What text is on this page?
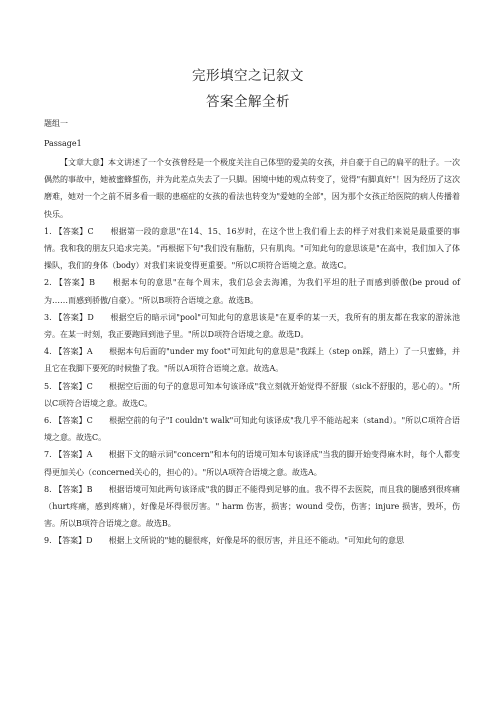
完形填空之记叙文
答案全解全析
题组一
Passage1

【文章大意】本文讲述了一个女孩曾经是一个极度关注自己体型的爱美的女孩，并自豪于自己的扁平的肚子。一次偶然的事故中，她被蜜蜂蜇伤，并为此差点失去了一只脚。困境中她的观点转变了，觉得"有脚真好"！因为经历了这次磨难，她对一个之前不屑多看一眼的患癌症的女孩的看法也转变为"爱她的全部"，因为那个女孩正给医院的病人传播着快乐。

1. 【答案】C　　根据第一段的意思"在14、15、16岁时，在这个世上我们看上去的样子对我们来说是最重要的事情。我和我的朋友只追求完美。"再根据下句"我们没有脂肪，只有肌肉。"可知此句的意思该是"在高中，我们加入了体操队，我们的身体（body）对我们来说变得更重要。"所以C项符合语境之意。故选C。

2. 【答案】B　　根据本句的意思"在每个周末，我们总会去海滩，为我们平坦的肚子而感到骄傲(be proud of 为……而感到骄傲/自豪）。"所以B项符合语境之意。故选B。

3. 【答案】D　　根据空后的暗示词"pool"可知此句的意思该是"在夏季的某一天，我所有的朋友都在我家的游泳池旁。在某一时刻，我正要跑回到池子里。"所以D项符合语境之意。故选D。

4. 【答案】A　　根据本句后面的"under my foot"可知此句的意思是"我踩上（step on踩，踏上）了一只蜜蜂，并且它在我脚下要死的时候蛰了我。"所以A项符合语境之意。故选A。

5. 【答案】C　　根据空后面的句子的意思可知本句该译成"我立刻就开始觉得不舒服（sick不舒服的，恶心的）。"所以C项符合语境之意。故选C。

6. 【答案】C　　根据空前的句子"I couldn't walk"可知此句该译成"我几乎不能站起来（stand）。"所以C项符合语境之意。故选C。

7. 【答案】A　　根据下文的暗示词"concern"和本句的语境可知本句该译成"当我的脚开始变得麻木时，每个人都变得更加关心（concerned关心的，担心的）。"所以A项符合语境之意。故选A。

8. 【答案】B　　根据语境可知此两句该译成"我的脚正不能得到足够的血。我不得不去医院，而且我的腿感到很疼痛（hurt疼痛，感到疼痛），好像是坏得很厉害。" harm 伤害，损害；wound 受伤，伤害；injure 损害，毁坏，伤害。所以B项符合语境之意。故选B。

9. 【答案】D　　根据上文所说的"她的腿很疼，好像是坏的很厉害，并且还不能动。"可知此句的意思
